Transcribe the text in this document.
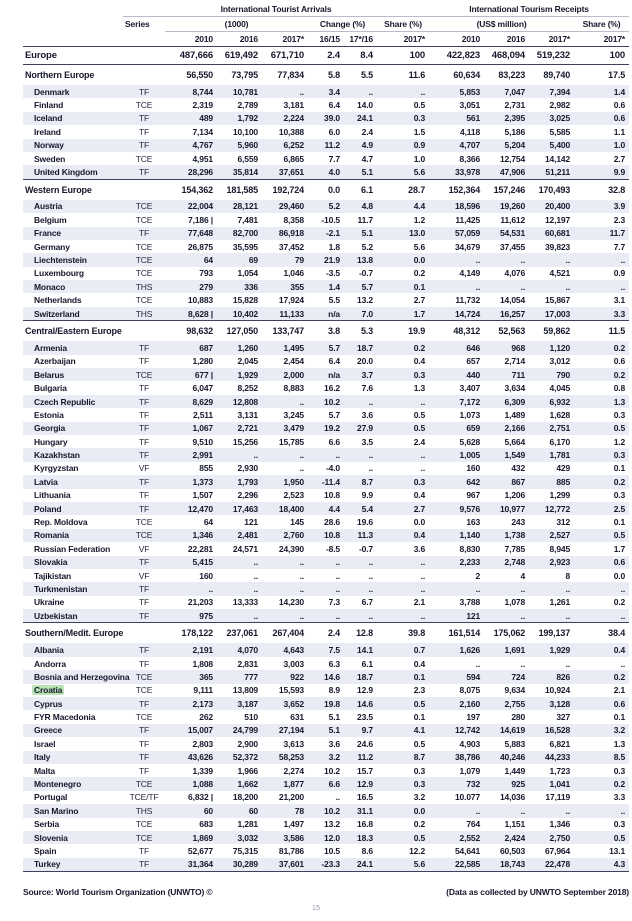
	International Tourist Arrivals							International Tourism Receipts			
	Series	(1000)			Change (%)		Share (%)	(US$ million)			Share (%)
		2010	2016	2017*	16/15	17*/16	2017*	2010	2016	2017*	2017*
Europe		487,666	619,492	671,710	2.4	8.4	100	422,823	468,094	519,232	100
Northern Europe		56,550	73,795	77,834	5.8	5.5	11.6	60,634	83,223	89,740	17.5
Denmark	TF	8,744	10,781	..	3.4	..	..	5,853	7,047	7,394	1.4
Finland	TCE	2,319	2,789	3,181	6.4	14.0	0.5	3,051	2,731	2,982	0.6
Iceland	TF	489	1,792	2,224	39.0	24.1	0.3	561	2,395	3,025	0.6
Ireland	TF	7,134	10,100	10,388	6.0	2.4	1.5	4,118	5,186	5,585	1.1
Norway	TF	4,767	5,960	6,252	11.2	4.9	0.9	4,707	5,204	5,400	1.0
Sweden	TCE	4,951	6,559	6,865	7.7	4.7	1.0	8,366	12,754	14,142	2.7
United Kingdom	TF	28,296	35,814	37,651	4.0	5.1	5.6	33,978	47,906	51,211	9.9
Western Europe		154,362	181,585	192,724	0.0	6.1	28.7	152,364	157,246	170,493	32.8
Austria	TCE	22,004	28,121	29,460	5.2	4.8	4.4	18,596	19,260	20,400	3.9
Belgium	TCE	7,186 |	7,481	8,358	-10.5	11.7	1.2	11,425	11,612	12,197	2.3
France	TF	77,648	82,700	86,918	-2.1	5.1	13.0	57,059	54,531	60,681	11.7
Germany	TCE	26,875	35,595	37,452	1.8	5.2	5.6	34,679	37,455	39,823	7.7
Liechtenstein	TCE	64	69	79	21.9	13.8	0.0	..	..	..	..
Luxembourg	TCE	793	1,054	1,046	-3.5	-0.7	0.2	4,149	4,076	4,521	0.9
Monaco	THS	279	336	355	1.4	5.7	0.1	..	..	..	..
Netherlands	TCE	10,883	15,828	17,924	5.5	13.2	2.7	11,732	14,054	15,867	3.1
Switzerland	THS	8,628 |	10,402	11,133	n/a	7.0	1.7	14,724	16,257	17,003	3.3
Central/Eastern Europe		98,632	127,050	133,747	3.8	5.3	19.9	48,312	52,563	59,862	11.5
Armenia	TF	687	1,260	1,495	5.7	18.7	0.2	646	968	1,120	0.2
Azerbaijan	TF	1,280	2,045	2,454	6.4	20.0	0.4	657	2,714	3,012	0.6
Belarus	TCE	677 |	1,929	2,000	n/a	3.7	0.3	440	711	790	0.2
Bulgaria	TF	6,047	8,252	8,883	16.2	7.6	1.3	3,407	3,634	4,045	0.8
Czech Republic	TF	8,629	12,808	..	10.2	..	..	7,172	6,309	6,932	1.3
Estonia	TF	2,511	3,131	3,245	5.7	3.6	0.5	1,073	1,489	1,628	0.3
Georgia	TF	1,067	2,721	3,479	19.2	27.9	0.5	659	2,166	2,751	0.5
Hungary	TF	9,510	15,256	15,785	6.6	3.5	2.4	5,628	5,664	6,170	1.2
Kazakhstan	TF	2,991	..	..	..	..	..	1,005	1,549	1,781	0.3
Kyrgyzstan	VF	855	2,930	..	-4.0	..	..	160	432	429	0.1
Latvia	TF	1,373	1,793	1,950	-11.4	8.7	0.3	642	867	885	0.2
Lithuania	TF	1,507	2,296	2,523	10.8	9.9	0.4	967	1,206	1,299	0.3
Poland	TF	12,470	17,463	18,400	4.4	5.4	2.7	9,576	10,977	12,772	2.5
Rep. Moldova	TCE	64	121	145	28.6	19.6	0.0	163	243	312	0.1
Romania	TCE	1,346	2,481	2,760	10.8	11.3	0.4	1,140	1,738	2,527	0.5
Russian Federation	VF	22,281	24,571	24,390	-8.5	-0.7	3.6	8,830	7,785	8,945	1.7
Slovakia	TF	5,415	..	..	..	..	..	2,233	2,748	2,923	0.6
Tajikistan	VF	160	..	..	..	..	..	2	4	8	0.0
Turkmenistan	TF	..	..	..	..	..	..	..	..	..	..
Ukraine	TF	21,203	13,333	14,230	7.3	6.7	2.1	3,788	1,078	1,261	0.2
Uzbekistan	TF	975	..	..	..	..	..	121	..	..	..
Southern/Medit. Europe		178,122	237,061	267,404	2.4	12.8	39.8	161,514	175,062	199,137	38.4
Albania	TF	2,191	4,070	4,643	7.5	14.1	0.7	1,626	1,691	1,929	0.4
Andorra	TF	1,808	2,831	3,003	6.3	6.1	0.4	..	..	..	..
Bosnia and Herzegovina	TCE	365	777	922	14.6	18.7	0.1	594	724	826	0.2
Croatia	TCE	9,111	13,809	15,593	8.9	12.9	2.3	8,075	9,634	10,924	2.1
Cyprus	TF	2,173	3,187	3,652	19.8	14.6	0.5	2,160	2,755	3,128	0.6
FYR Macedonia	TCE	262	510	631	5.1	23.5	0.1	197	280	327	0.1
Greece	TF	15,007	24,799	27,194	5.1	9.7	4.1	12,742	14,619	16,528	3.2
Israel	TF	2,803	2,900	3,613	3.6	24.6	0.5	4,903	5,883	6,821	1.3
Italy	TF	43,626	52,372	58,253	3.2	11.2	8.7	38,786	40,246	44,233	8.5
Malta	TF	1,339	1,966	2,274	10.2	15.7	0.3	1,079	1,449	1,723	0.3
Montenegro	TCE	1,088	1,662	1,877	6.6	12.9	0.3	732	925	1,041	0.2
Portugal	TCE/TF	6,832 |	18,200	21,200	..	16.5	3.2	10.077	14,036	17,119	3.3
San Marino	THS	60	60	78	10.2	31.1	0.0	..	..	..	..
Serbia	TCE	683	1,281	1,497	13.2	16.8	0.2	764	1,151	1,346	0.3
Slovenia	TCE	1,869	3,032	3,586	12.0	18.3	0.5	2,552	2,424	2,750	0.5
Spain	TF	52,677	75,315	81,786	10.5	8.6	12.2	54,641	60,503	67,964	13.1
Turkey	TF	31,364	30,289	37,601	-23.3	24.1	5.6	22,585	18,743	22,478	4.3
Source: World Tourism Organization (UNWTO) ©	(Data as collected by UNWTO September 2018)
15
